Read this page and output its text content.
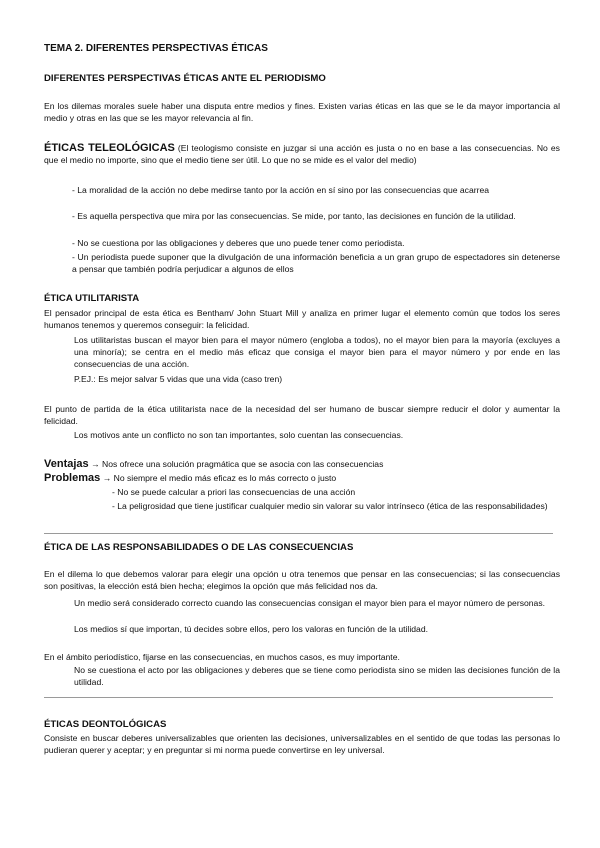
TEMA 2. DIFERENTES PERSPECTIVAS ÉTICAS

DIFERENTES PERSPECTIVAS ÉTICAS ANTE EL PERIODISMO

En los dilemas morales suele haber una disputa entre medios y fines. Existen varias éticas en las que se le da mayor importancia al medio y otras en las que se les mayor relevancia al fin.

ÉTICAS TELEOLÓGICAS (El teologismo consiste en juzgar si una acción es justa o no en base a las consecuencias. No es que el medio no importe, sino que el medio tiene ser útil. Lo que no se mide es el valor del medio)

- La moralidad de la acción no debe medirse tanto por la acción en sí sino por las consecuencias que acarrea

- Es aquella perspectiva que mira por las consecuencias. Se mide, por tanto, las decisiones en función de la utilidad.

- No se cuestiona por las obligaciones y deberes que uno puede tener como periodista.

- Un periodista puede suponer que la divulgación de una información beneficia a un gran grupo de espectadores sin detenerse a pensar que también podría perjudicar a algunos de ellos

ÉTICA UTILITARISTA

El pensador principal de esta ética es Bentham/ John Stuart Mill y analiza en primer lugar el elemento común que todos los seres humanos tenemos y queremos conseguir: la felicidad.

Los utilitaristas buscan el mayor bien para el mayor número (engloba a todos), no el mayor bien para la mayoría (excluyes a una minoría); se centra en el medio más eficaz que consiga el mayor bien para el mayor número y por ende en las consecuencias de una acción.

P.EJ.: Es mejor salvar 5 vidas que una vida (caso tren)

El punto de partida de la ética utilitarista nace de la necesidad del ser humano de buscar siempre reducir el dolor y aumentar la felicidad.

Los motivos ante un conflicto no son tan importantes, solo cuentan las consecuencias.

Ventajas → Nos ofrece una solución pragmática que se asocia con las consecuencias

Problemas → No siempre el medio más eficaz es lo más correcto o justo

- No se puede calcular a priori las consecuencias de una acción

- La peligrosidad que tiene justificar cualquier medio sin valorar su valor intrínseco (ética de las responsabilidades)

ÉTICA DE LAS RESPONSABILIDADES O DE LAS CONSECUENCIAS

En el dilema lo que debemos valorar para elegir una opción u otra tenemos que pensar en las consecuencias; si las consecuencias son positivas, la elección está bien hecha; elegimos la opción que más felicidad nos da.

Un medio será considerado correcto cuando las consecuencias consigan el mayor bien para el mayor número de personas.

Los medios sí que importan, tú decides sobre ellos, pero los valoras en función de la utilidad.

En el ámbito periodístico, fijarse en las consecuencias, en muchos casos, es muy importante.

No se cuestiona el acto por las obligaciones y deberes que se tiene como periodista sino se miden las decisiones función de la utilidad.

ÉTICAS DEONTOLÓGICAS

Consiste en buscar deberes universalizables que orienten las decisiones, universalizables en el sentido de que todas las personas lo pudieran querer y aceptar; y en preguntar si mi norma puede convertirse en ley universal.
